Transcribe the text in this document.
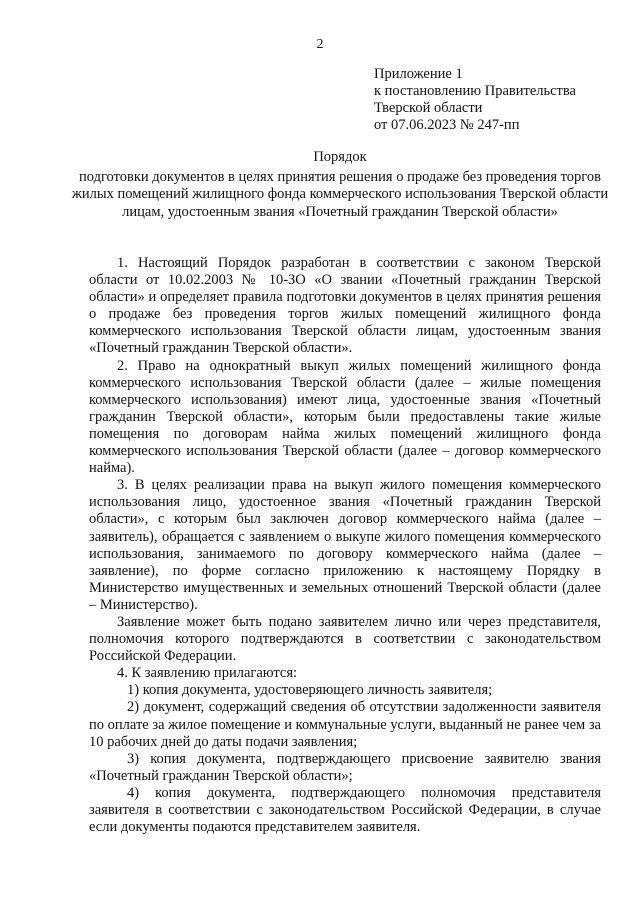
2
Приложение 1
к постановлению Правительства
Тверской области
от 07.06.2023 № 247-пп
Порядок
подготовки документов в целях принятия решения о продаже без проведения торгов жилых помещений жилищного фонда коммерческого использования Тверской области лицам, удостоенным звания «Почетный гражданин Тверской области»

1. Настоящий Порядок разработан в соответствии с законом Тверской области от 10.02.2003 № 10-ЗО «О звании «Почетный гражданин Тверской области» и определяет правила подготовки документов в целях принятия решения о продаже без проведения торгов жилых помещений жилищного фонда коммерческого использования Тверской области лицам, удостоенным звания «Почетный гражданин Тверской области».

2. Право на однократный выкуп жилых помещений жилищного фонда коммерческого использования Тверской области (далее – жилые помещения коммерческого использования) имеют лица, удостоенные звания «Почетный гражданин Тверской области», которым были предоставлены такие жилые помещения по договорам найма жилых помещений жилищного фонда коммерческого использования Тверской области (далее – договор коммерческого найма).

3. В целях реализации права на выкуп жилого помещения коммерческого использования лицо, удостоенное звания «Почетный гражданин Тверской области», с которым был заключен договор коммерческого найма (далее – заявитель), обращается с заявлением о выкупе жилого помещения коммерческого использования, занимаемого по договору коммерческого найма (далее – заявление), по форме согласно приложению к настоящему Порядку в Министерство имущественных и земельных отношений Тверской области (далее – Министерство).

Заявление может быть подано заявителем лично или через представителя, полномочия которого подтверждаются в соответствии с законодательством Российской Федерации.

4. К заявлению прилагаются:

1) копия документа, удостоверяющего личность заявителя;

2) документ, содержащий сведения об отсутствии задолженности заявителя по оплате за жилое помещение и коммунальные услуги, выданный не ранее чем за 10 рабочих дней до даты подачи заявления;

3) копия документа, подтверждающего присвоение заявителю звания «Почетный гражданин Тверской области»;

4) копия документа, подтверждающего полномочия представителя заявителя в соответствии с законодательством Российской Федерации, в случае если документы подаются представителем заявителя.
